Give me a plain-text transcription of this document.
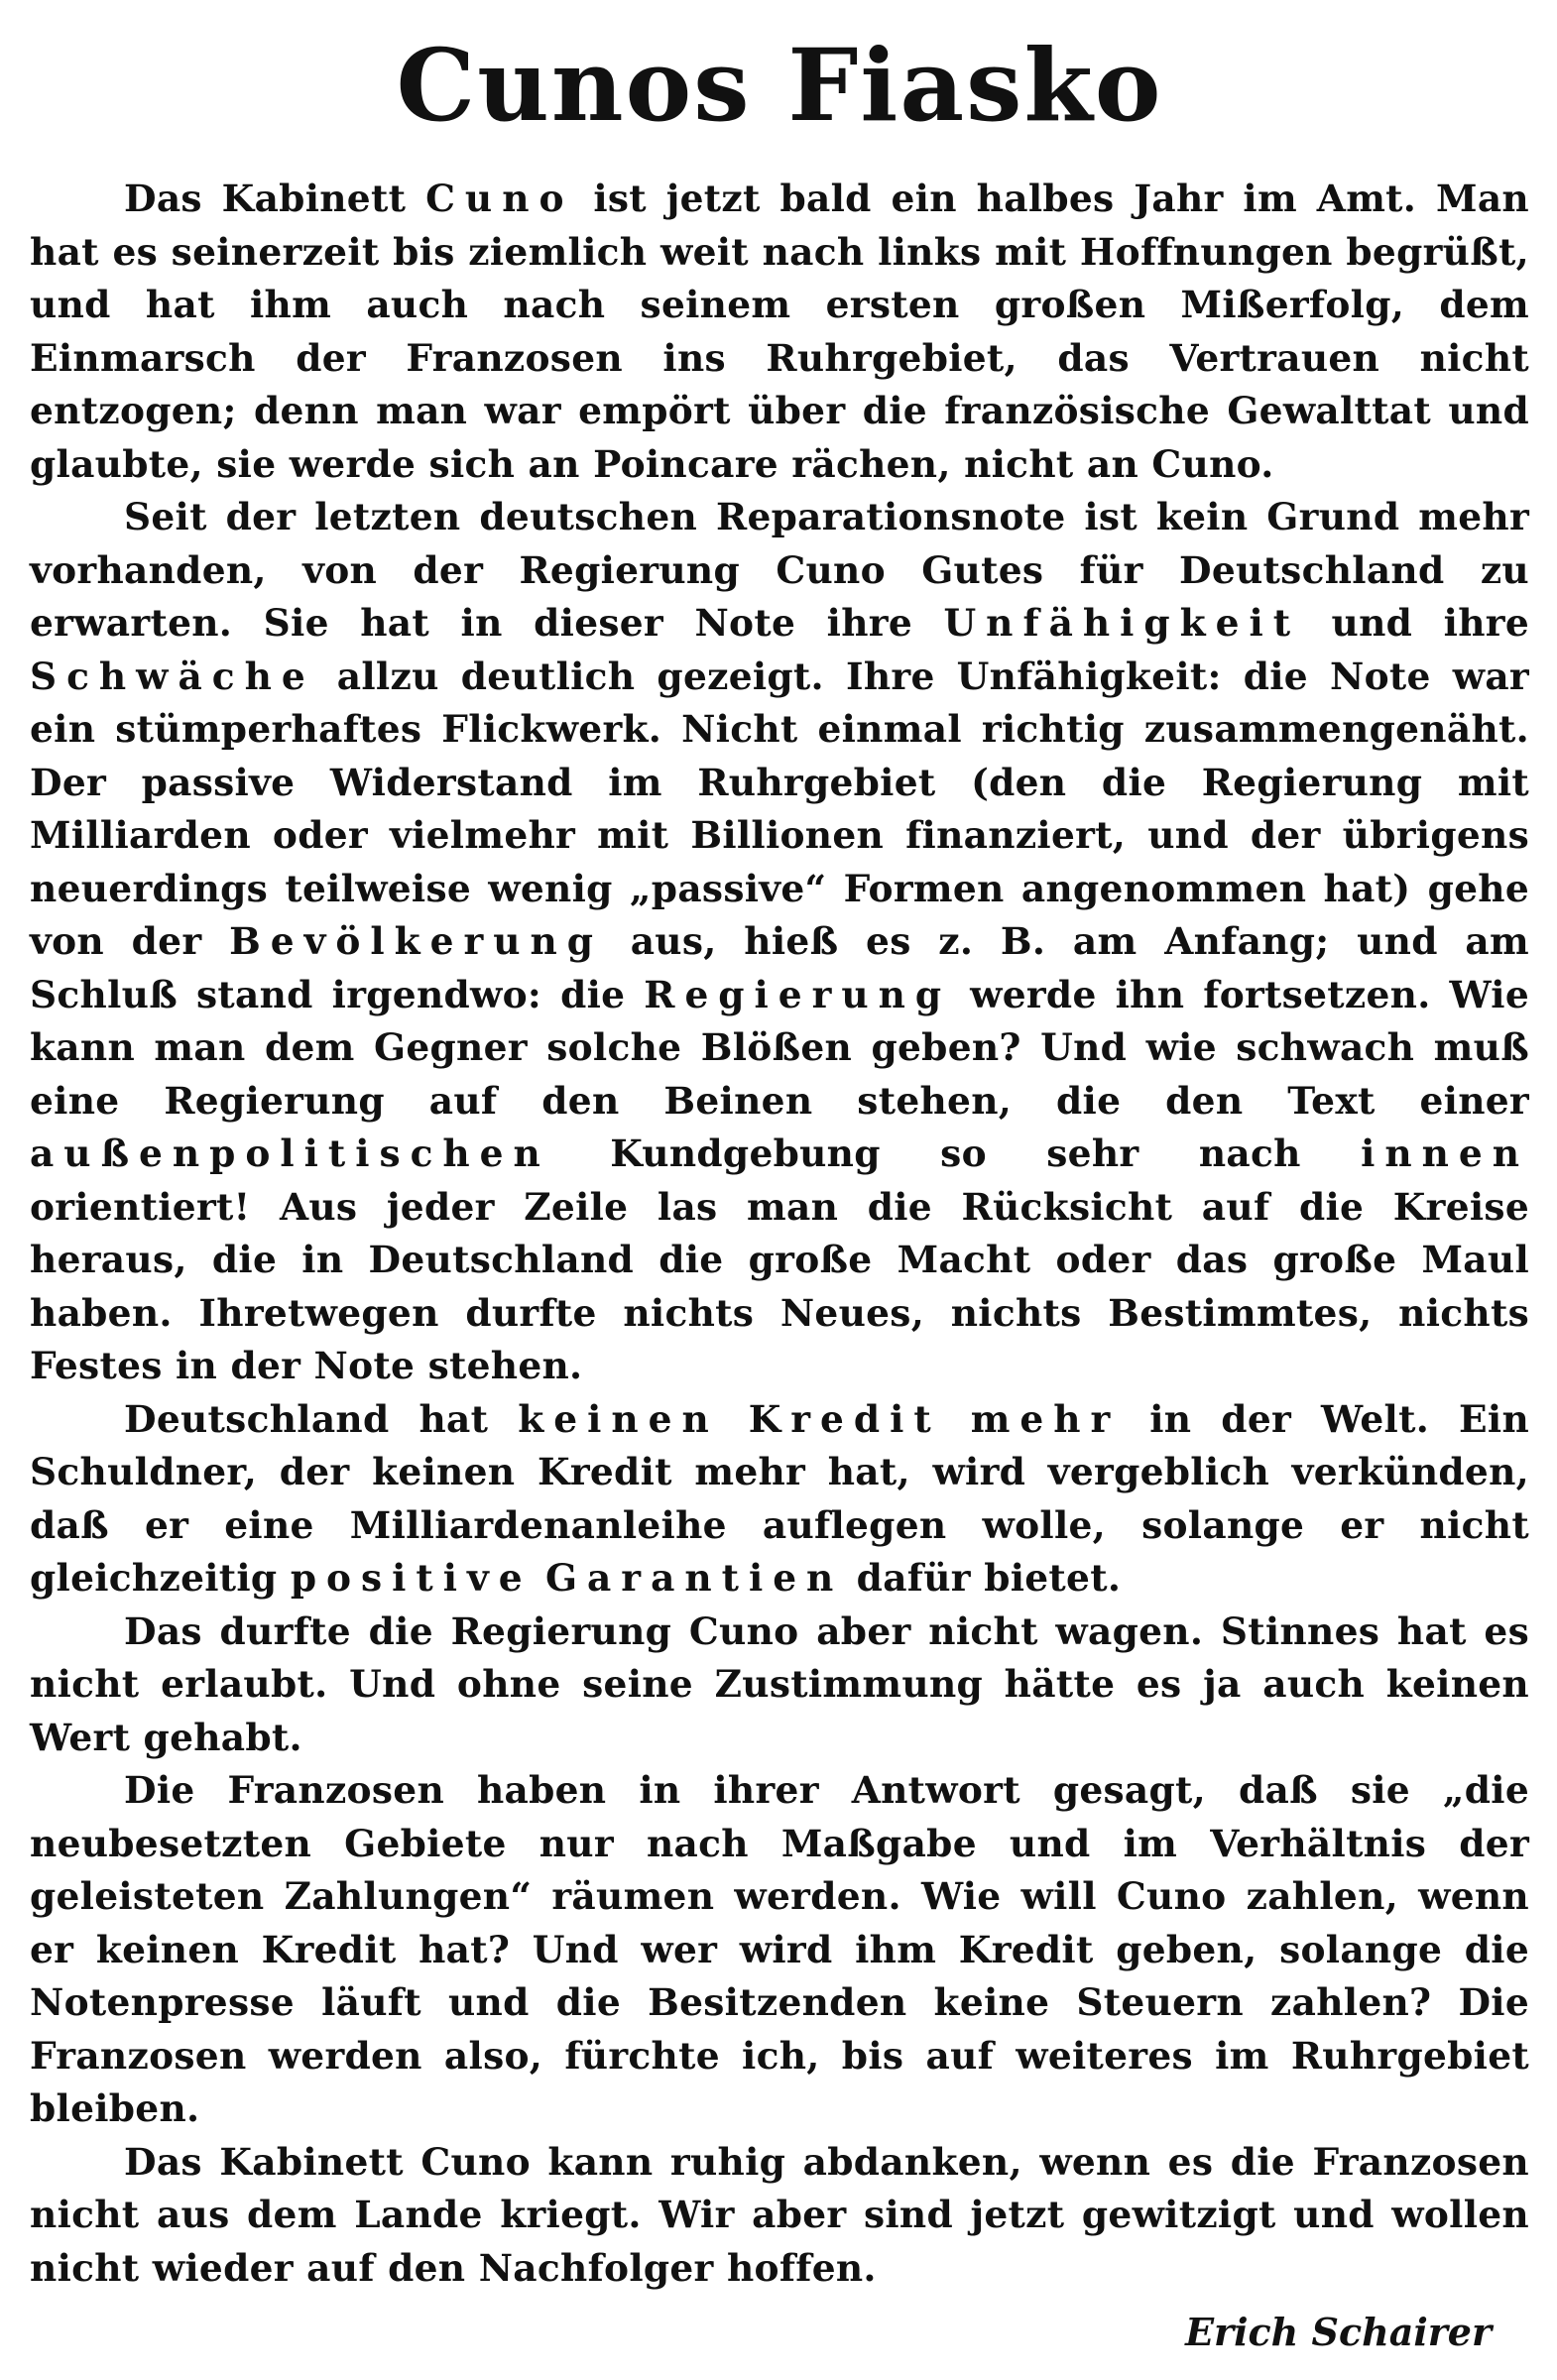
Cunos Fiasko

Das Kabinett Cuno ist jetzt bald ein halbes Jahr im Amt. Man hat es seinerzeit bis ziemlich weit nach links mit Hoffnungen begrüßt, und hat ihm auch nach seinem ersten großen Mißerfolg, dem Einmarsch der Franzosen ins Ruhrgebiet, das Vertrauen nicht entzogen; denn man war empört über die französische Gewalttat und glaubte, sie werde sich an Poincare rächen, nicht an Cuno.

Seit der letzten deutschen Reparationsnote ist kein Grund mehr vorhanden, von der Regierung Cuno Gutes für Deutschland zu erwarten. Sie hat in dieser Note ihre Unfähigkeit und ihre Schwäche allzu deutlich gezeigt. Ihre Unfähigkeit: die Note war ein stümperhaftes Flickwerk. Nicht einmal richtig zusammengenäht. Der passive Widerstand im Ruhrgebiet (den die Regierung mit Milliarden oder vielmehr mit Billionen finanziert, und der übrigens neuerdings teilweise wenig „passive“ Formen angenommen hat) gehe von der Bevölkerung aus, hieß es z. B. am Anfang; und am Schluß stand irgendwo: die Regierung werde ihn fortsetzen. Wie kann man dem Gegner solche Blößen geben? Und wie schwach muß eine Regierung auf den Beinen stehen, die den Text einer außenpolitischen Kundgebung so sehr nach innen orientiert! Aus jeder Zeile las man die Rücksicht auf die Kreise heraus, die in Deutschland die große Macht oder das große Maul haben. Ihretwegen durfte nichts Neues, nichts Bestimmtes, nichts Festes in der Note stehen.

Deutschland hat keinen Kredit mehr in der Welt. Ein Schuldner, der keinen Kredit mehr hat, wird vergeblich verkünden, daß er eine Milliardenanleihe auflegen wolle, solange er nicht gleichzeitig positive Garantien dafür bietet.

Das durfte die Regierung Cuno aber nicht wagen. Stinnes hat es nicht erlaubt. Und ohne seine Zustimmung hätte es ja auch keinen Wert gehabt.

Die Franzosen haben in ihrer Antwort gesagt, daß sie „die neubesetzten Gebiete nur nach Maßgabe und im Verhältnis der geleisteten Zahlungen“ räumen werden. Wie will Cuno zahlen, wenn er keinen Kredit hat? Und wer wird ihm Kredit geben, solange die Notenpresse läuft und die Besitzenden keine Steuern zahlen? Die Franzosen werden also, fürchte ich, bis auf weiteres im Ruhrgebiet bleiben.

Das Kabinett Cuno kann ruhig abdanken, wenn es die Franzosen nicht aus dem Lande kriegt. Wir aber sind jetzt gewitzigt und wollen nicht wieder auf den Nachfolger hoffen.

Erich Schairer
